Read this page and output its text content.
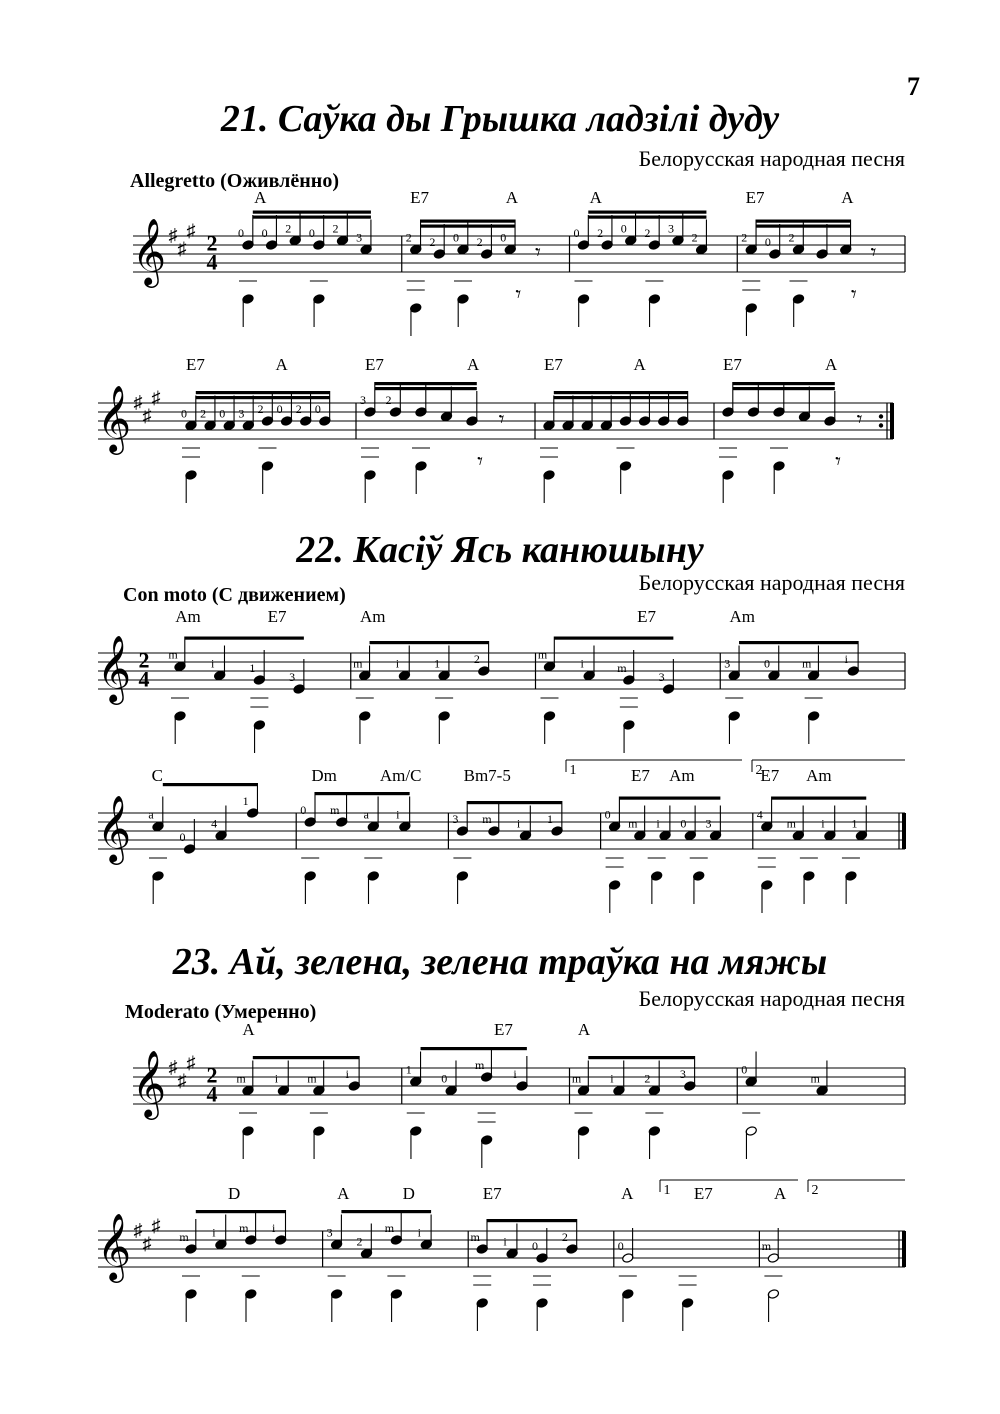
7
21. Саўка ды Грышка ладзілі дуду
Белорусская народная песня
Allegretto (Оживлённо)
𝄞 ♯
♯
♯ 2
4
A
0 0 2 0 2
3
E7	A
2 2 0 2 0
𝄾
𝄾
A
0 2 0 2 3
2
E7	A
2 0 2
𝄾
𝄾
𝄞 ♯
♯
♯
E7	A
0 2 0 3 2 0 2 0
E7	A
3 2
𝄾
𝄾
E7	A	E7	A
𝄾
𝄾
𝄞 2
4
Am	E7
m
i	1
3
Am
m	i	1	2
E7
m
i	m
3
Am
3	0	m	i
𝄞
C
a
0
4
1
Dm	Am/C
0 m a i
Bm7-5
3 m i 1
E7 Am
0
m i 0 3
E7 Am
4
m i 1
1	2
𝄞 ♯
♯
♯ 2
4
A
m i m i
E7
1
0
m
i
A
m i	2 3	0
m
𝄞 ♯
♯
♯
D
m i m i
A	D
3
2
m i
E7
m i 0
2
A	E7
0
A
m
1	2
22. Касіў Ясь канюшыну
Белорусская народная песня
Con moto (С движением)
23. Ай, зелена, зелена траўка на мяжы
Белорусская народная песня
Moderato (Умеренно)
